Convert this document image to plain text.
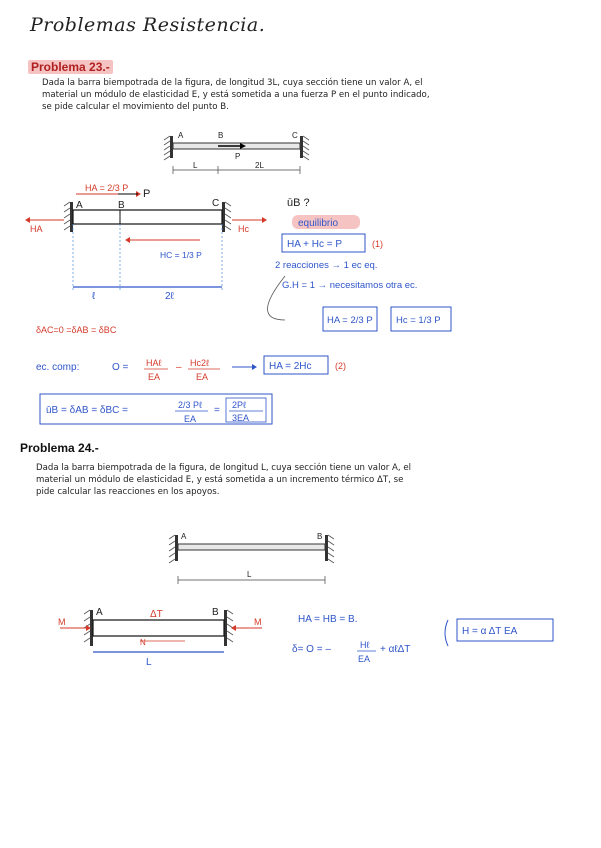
Problemas Resistencia.
Problema 23.-
Dada la barra biempotrada de la figura, de longitud 3L, cuya sección tiene un valor A, el
material un módulo de elasticidad E, y está sometida a una fuerza P en el punto indicado,
se pide calcular el movimiento del punto B.
A	B	C
P
L	2L
HA = 2/3 P P
A	B	C
HA	Hc
HC = 1/3 P
ℓ	2ℓ
δAC=0 =δAB = δBC
ūB ?
equilibrio
HA + Hc = P	(1)
2 reacciones → 1 ec eq.
G.H = 1 → necesitamos otra ec.
HA = 2/3 P Hc = 1/3 P
ec. comp:	O = HAℓ
EA
– Hc2ℓ
EA
HA = 2Hc	(2)
ūB = δAB = δBC =	2/3 Pℓ
EA
= 2Pℓ
3EA
Problema 24.-
Dada la barra biempotrada de la figura, de longitud L, cuya sección tiene un valor A, el
material un módulo de elasticidad E, y está sometida a un incremento térmico ΔT, se
pide calcular las reacciones en los apoyos.
A	B
L
A	B
ΔT
M	M
N
L
HA = HB = B.
δ= O = –	Hℓ
EA
+ αℓΔT
H = α ΔT EA
